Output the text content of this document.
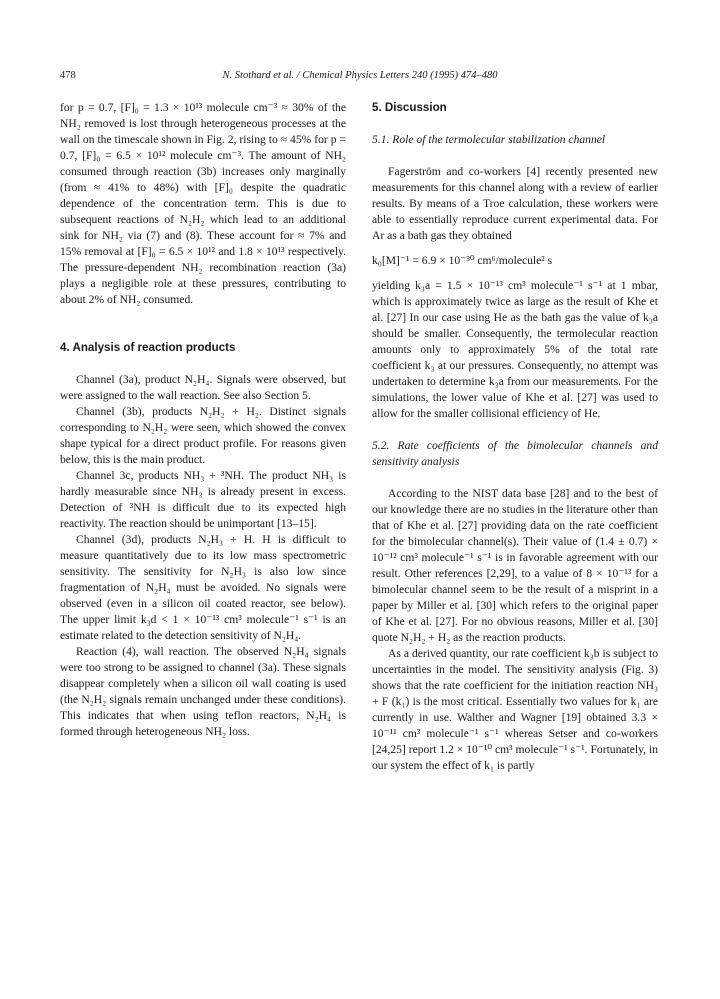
478	N. Stothard et al. / Chemical Physics Letters 240 (1995) 474–480

for p = 0.7, [F]₀ = 1.3 × 10¹³ molecule cm⁻³ ≈ 30% of the NH₂ removed is lost through heterogeneous processes at the wall on the timescale shown in Fig. 2, rising to ≈ 45% for p = 0.7, [F]₀ = 6.5 × 10¹² molecule cm⁻³. The amount of NH₂ consumed through reaction (3b) increases only marginally (from ≈ 41% to 48%) with [F]₀ despite the quadratic dependence of the concentration term. This is due to subsequent reactions of N₂H₂ which lead to an additional sink for NH₂ via (7) and (8). These account for ≈ 7% and 15% removal at [F]₀ = 6.5 × 10¹² and 1.8 × 10¹³ respectively. The pressure-dependent NH₂ recombination reaction (3a) plays a negligible role at these pressures, contributing to about 2% of NH₂ consumed.

4. Analysis of reaction products

Channel (3a), product N₂H₄. Signals were observed, but were assigned to the wall reaction. See also Section 5.

Channel (3b), products N₂H₂ + H₂. Distinct signals corresponding to N₂H₂ were seen, which showed the convex shape typical for a direct product profile. For reasons given below, this is the main product.

Channel 3c, products NH₃ + ³NH. The product NH₃ is hardly measurable since NH₃ is already present in excess. Detection of ³NH is difficult due to its expected high reactivity. The reaction should be unimportant [13–15].

Channel (3d), products N₂H₃ + H. H is difficult to measure quantitatively due to its low mass spectrometric sensitivity. The sensitivity for N₂H₃ is also low since fragmentation of N₂H₄ must be avoided. No signals were observed (even in a silicon oil coated reactor, see below). The upper limit k₃d < 1 × 10⁻¹³ cm³ molecule⁻¹ s⁻¹ is an estimate related to the detection sensitivity of N₂H₄.

Reaction (4), wall reaction. The observed N₂H₄ signals were too strong to be assigned to channel (3a). These signals disappear completely when a silicon oil wall coating is used (the N₂H₂ signals remain unchanged under these conditions). This indicates that when using teflon reactors, N₂H₄ is formed through heterogeneous NH₂ loss.

5. Discussion
5.1. Role of the termolecular stabilization channel

Fagerström and co-workers [4] recently presented new measurements for this channel along with a review of earlier results. By means of a Troe calculation, these workers were able to essentially reproduce current experimental data. For Ar as a bath gas they obtained

k₀[M]⁻¹ = 6.9 × 10⁻³⁰ cm⁶/molecule² s

yielding k₃a = 1.5 × 10⁻¹³ cm³ molecule⁻¹ s⁻¹ at 1 mbar, which is approximately twice as large as the result of Khe et al. [27] In our case using He as the bath gas the value of k₃a should be smaller. Consequently, the termolecular reaction amounts only to approximately 5% of the total rate coefficient k₃ at our pressures. Consequently, no attempt was undertaken to determine k₃a from our measurements. For the simulations, the lower value of Khe et al. [27] was used to allow for the smaller collisional efficiency of He.

5.2. Rate coefficients of the bimolecular channels and sensitivity analysis

According to the NIST data base [28] and to the best of our knowledge there are no studies in the literature other than that of Khe et al. [27] providing data on the rate coefficient for the bimolecular channel(s). Their value of (1.4 ± 0.7) × 10⁻¹² cm³ molecule⁻¹ s⁻¹ is in favorable agreement with our result. Other references [2,29], to a value of 8 × 10⁻¹³ for a bimolecular channel seem to be the result of a misprint in a paper by Miller et al. [30] which refers to the original paper of Khe et al. [27]. For no obvious reasons, Miller et al. [30] quote N₂H₂ + H₂ as the reaction products.

As a derived quantity, our rate coefficient k₃b is subject to uncertainties in the model. The sensitivity analysis (Fig. 3) shows that the rate coefficient for the initiation reaction NH₃ + F (k₁) is the most critical. Essentially two values for k₁ are currently in use. Walther and Wagner [19] obtained 3.3 × 10⁻¹¹ cm³ molecule⁻¹ s⁻¹ whereas Setser and co-workers [24,25] report 1.2 × 10⁻¹⁰ cm³ molecule⁻¹ s⁻¹. Fortunately, in our system the effect of k₁ is partly
